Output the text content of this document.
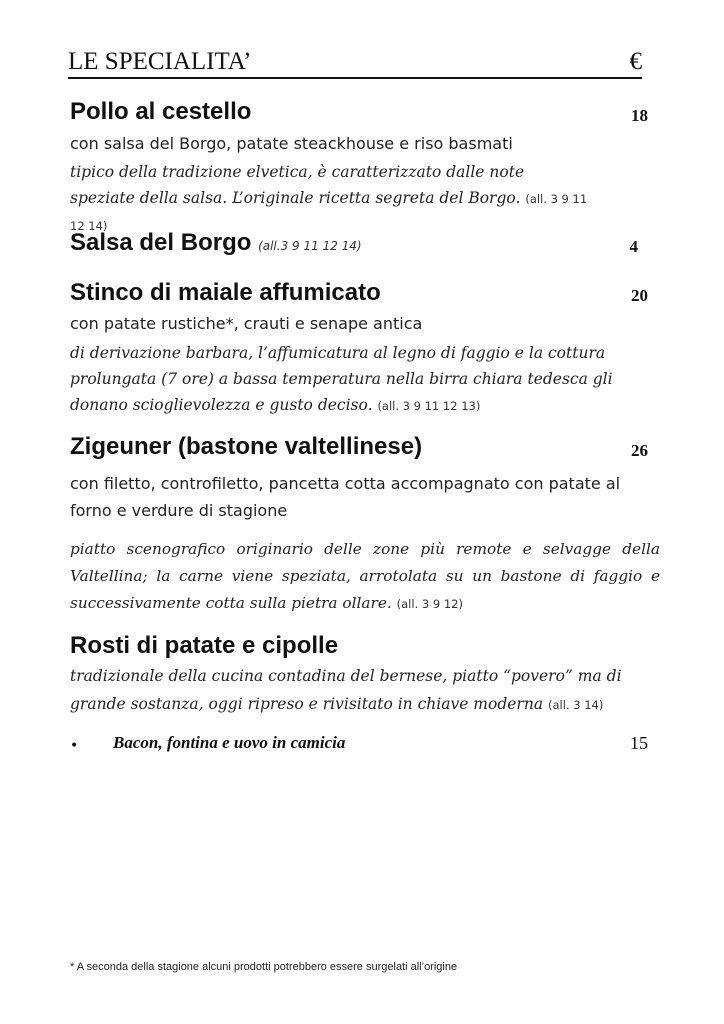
LE SPECIALITA’	€
Pollo al cestello	18
con salsa del Borgo, patate steackhouse e riso basmati
tipico della tradizione elvetica, è caratterizzato dalle note speziate della salsa. L’originale ricetta segreta del Borgo. (all. 3 9 11 12 14)
Salsa del Borgo (all.3 9 11 12 14)	4
Stinco di maiale affumicato	20
con patate rustiche*, crauti e senape antica
di derivazione barbara, l’affumicatura al legno di faggio e la cottura prolungata (7 ore) a bassa temperatura nella birra chiara tedesca gli donano scioglievolezza e gusto deciso. (all. 3 9 11 12 13)
Zigeuner (bastone valtellinese)	26
con filetto, controfiletto, pancetta cotta accompagnato con patate al forno e verdure di stagione
piatto scenografico originario delle zone più remote e selvagge della Valtellina; la carne viene speziata, arrotolata su un bastone di faggio e successivamente cotta sulla pietra ollare. (all. 3 9 12)
Rosti di patate e cipolle
tradizionale della cucina contadina del bernese, piatto “povero” ma di grande sostanza, oggi ripreso e rivisitato in chiave moderna (all. 3 14)
• Bacon, fontina e uovo in camicia	15
* A seconda della stagione alcuni prodotti potrebbero essere surgelati all’origine
